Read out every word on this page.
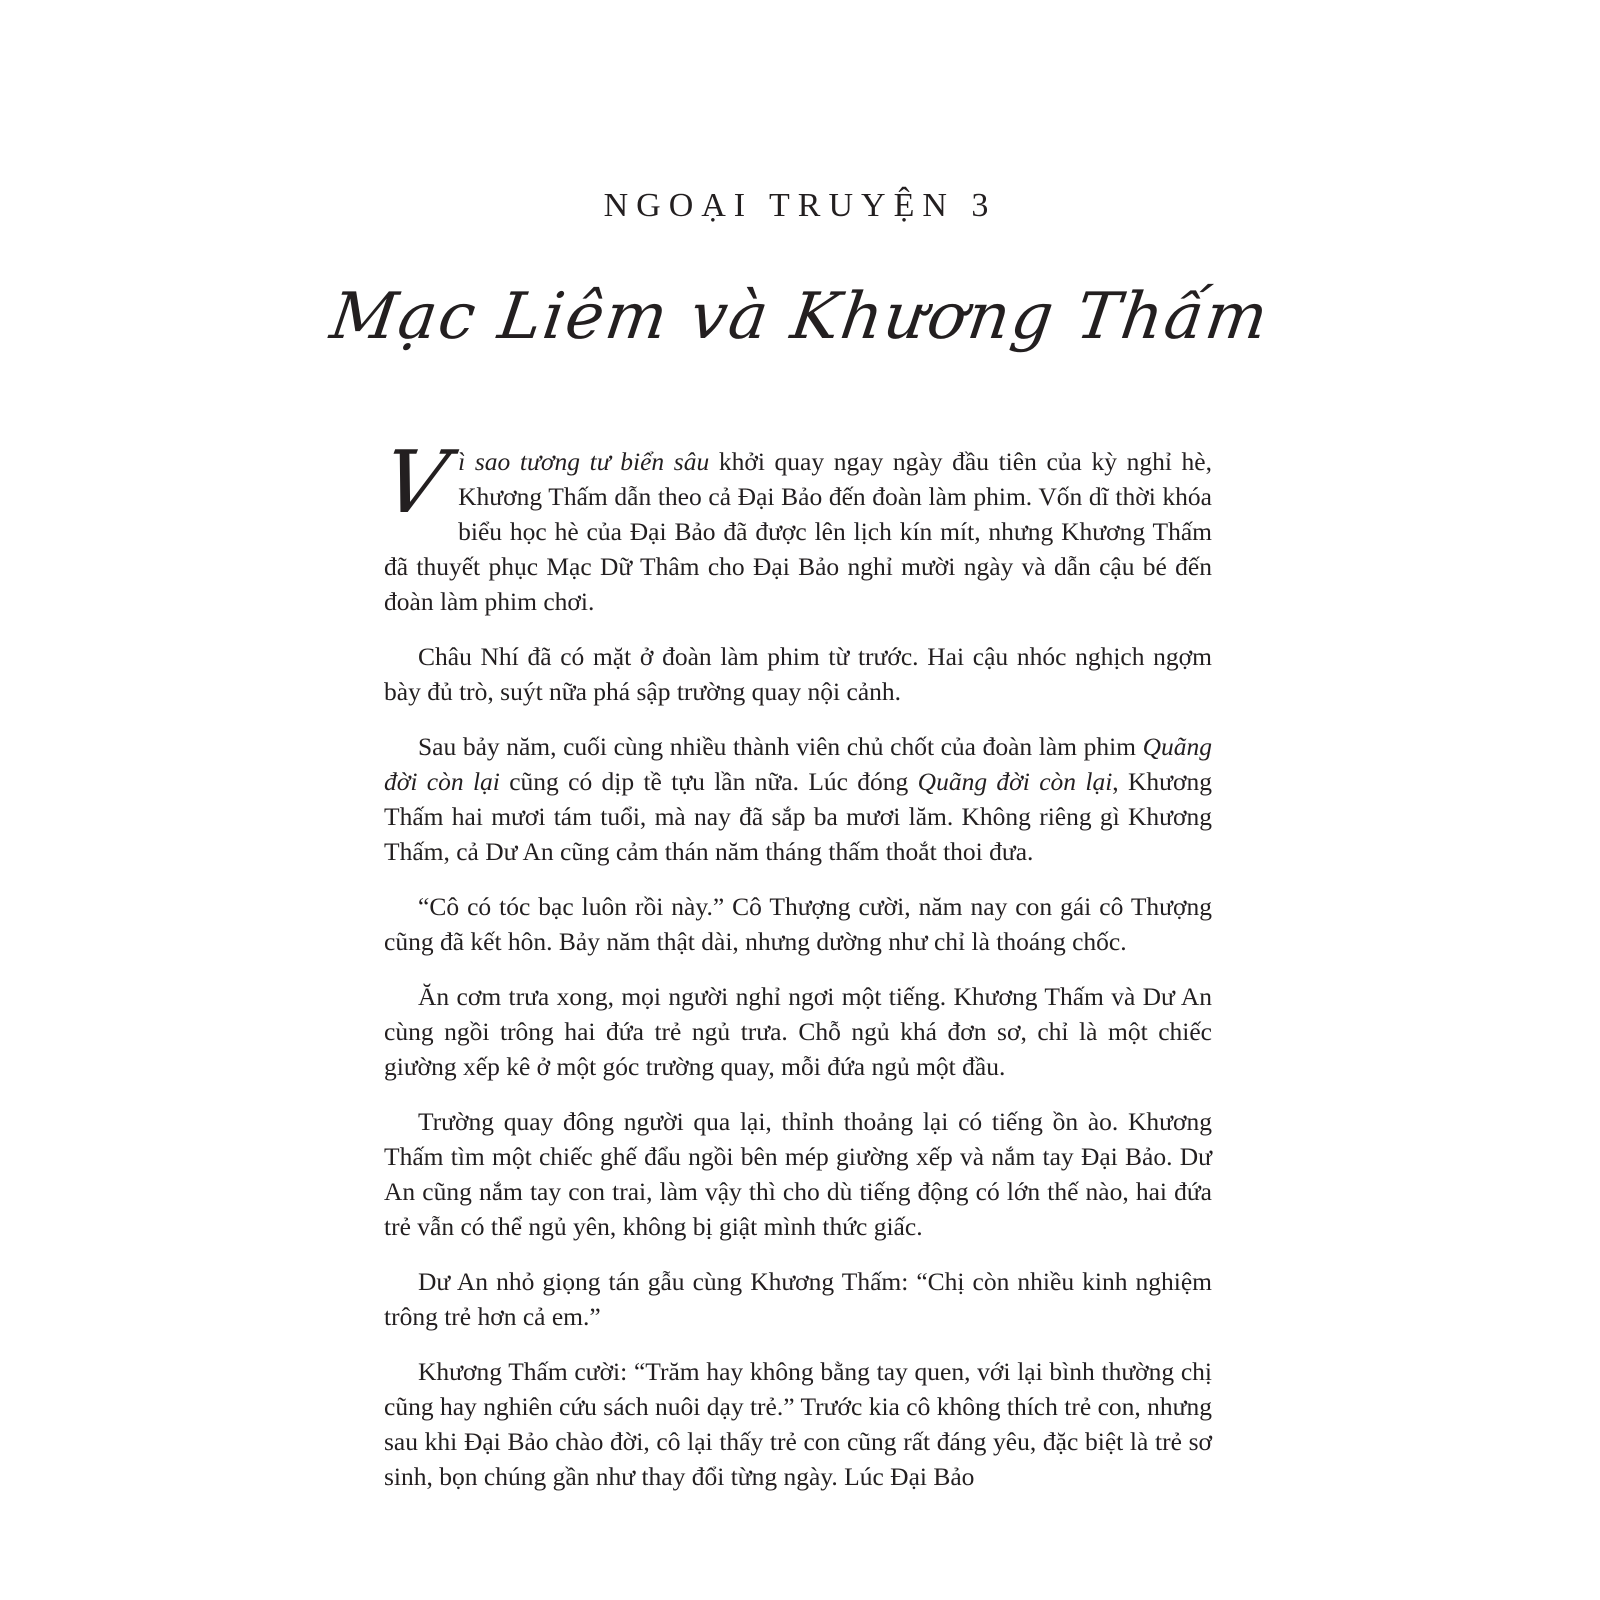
NGOẠI TRUYỆN 3
Mạc Liêm và Khương Thấm

Vì sao tương tư biển sâu khởi quay ngay ngày đầu tiên của kỳ nghỉ hè, Khương Thấm dẫn theo cả Đại Bảo đến đoàn làm phim. Vốn dĩ thời khóa biểu học hè của Đại Bảo đã được lên lịch kín mít, nhưng Khương Thấm đã thuyết phục Mạc Dữ Thâm cho Đại Bảo nghỉ mười ngày và dẫn cậu bé đến đoàn làm phim chơi.

Châu Nhí đã có mặt ở đoàn làm phim từ trước. Hai cậu nhóc nghịch ngợm bày đủ trò, suýt nữa phá sập trường quay nội cảnh.

Sau bảy năm, cuối cùng nhiều thành viên chủ chốt của đoàn làm phim Quãng đời còn lại cũng có dịp tề tựu lần nữa. Lúc đóng Quãng đời còn lại, Khương Thấm hai mươi tám tuổi, mà nay đã sắp ba mươi lăm. Không riêng gì Khương Thấm, cả Dư An cũng cảm thán năm tháng thấm thoắt thoi đưa.

“Cô có tóc bạc luôn rồi này.” Cô Thượng cười, năm nay con gái cô Thượng cũng đã kết hôn. Bảy năm thật dài, nhưng dường như chỉ là thoáng chốc.

Ăn cơm trưa xong, mọi người nghỉ ngơi một tiếng. Khương Thấm và Dư An cùng ngồi trông hai đứa trẻ ngủ trưa. Chỗ ngủ khá đơn sơ, chỉ là một chiếc giường xếp kê ở một góc trường quay, mỗi đứa ngủ một đầu.

Trường quay đông người qua lại, thỉnh thoảng lại có tiếng ồn ào. Khương Thấm tìm một chiếc ghế đẩu ngồi bên mép giường xếp và nắm tay Đại Bảo. Dư An cũng nắm tay con trai, làm vậy thì cho dù tiếng động có lớn thế nào, hai đứa trẻ vẫn có thể ngủ yên, không bị giật mình thức giấc.

Dư An nhỏ giọng tán gẫu cùng Khương Thấm: “Chị còn nhiều kinh nghiệm trông trẻ hơn cả em.”

Khương Thấm cười: “Trăm hay không bằng tay quen, với lại bình thường chị cũng hay nghiên cứu sách nuôi dạy trẻ.” Trước kia cô không thích trẻ con, nhưng sau khi Đại Bảo chào đời, cô lại thấy trẻ con cũng rất đáng yêu, đặc biệt là trẻ sơ sinh, bọn chúng gần như thay đổi từng ngày. Lúc Đại Bảo
